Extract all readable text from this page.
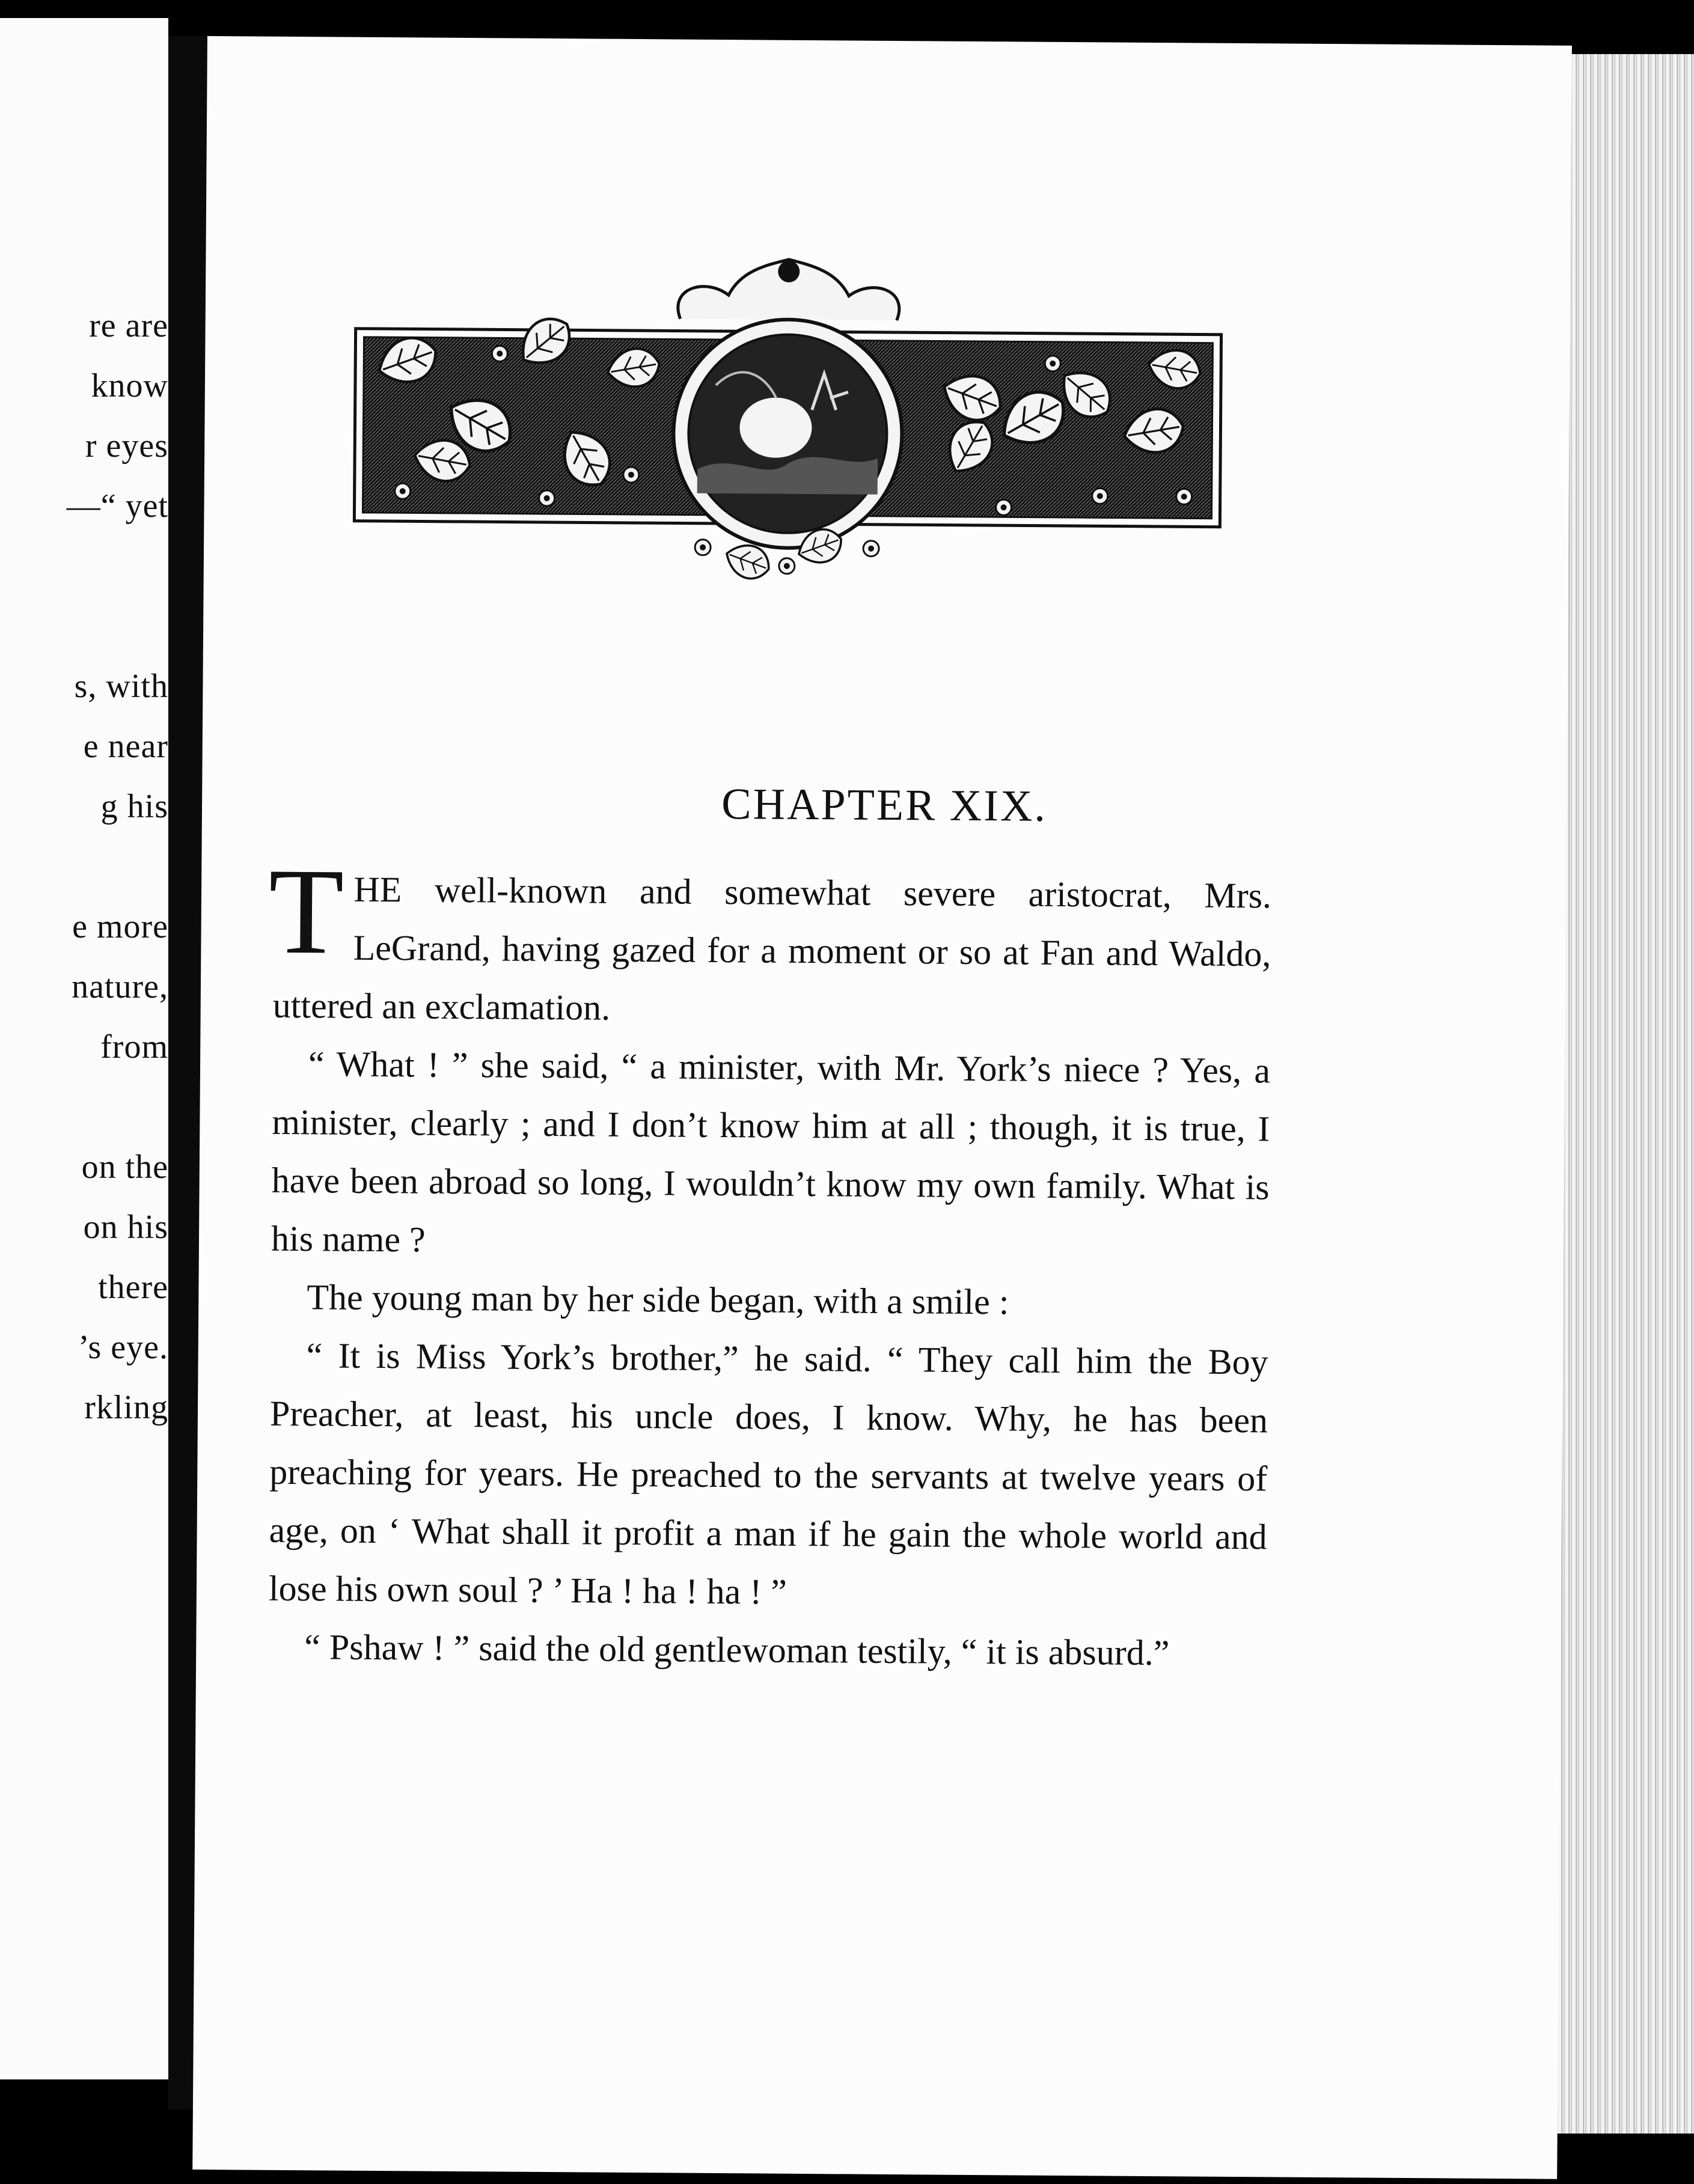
re are
know
r eyes
—“ yet
s, with
e near
g his
e more
nature,
from
on the
on his
there
’s eye.
rkling
CHAPTER XIX.

THE well-known and somewhat severe aristocrat, Mrs. LeGrand, having gazed for a moment or so at Fan and Waldo, uttered an exclamation.

“ What ! ” she said, “ a minister, with Mr. York’s niece ? Yes, a minister, clearly ; and I don’t know him at all ; though, it is true, I have been abroad so long, I wouldn’t know my own family. What is his name ?

The young man by her side began, with a smile :

“ It is Miss York’s brother,” he said. “ They call him the Boy Preacher, at least, his uncle does, I know. Why, he has been preaching for years. He preached to the servants at twelve years of age, on ‘ What shall it profit a man if he gain the whole world and lose his own soul ? ’ Ha ! ha ! ha ! ”

“ Pshaw ! ” said the old gentlewoman testily, “ it is absurd.”
